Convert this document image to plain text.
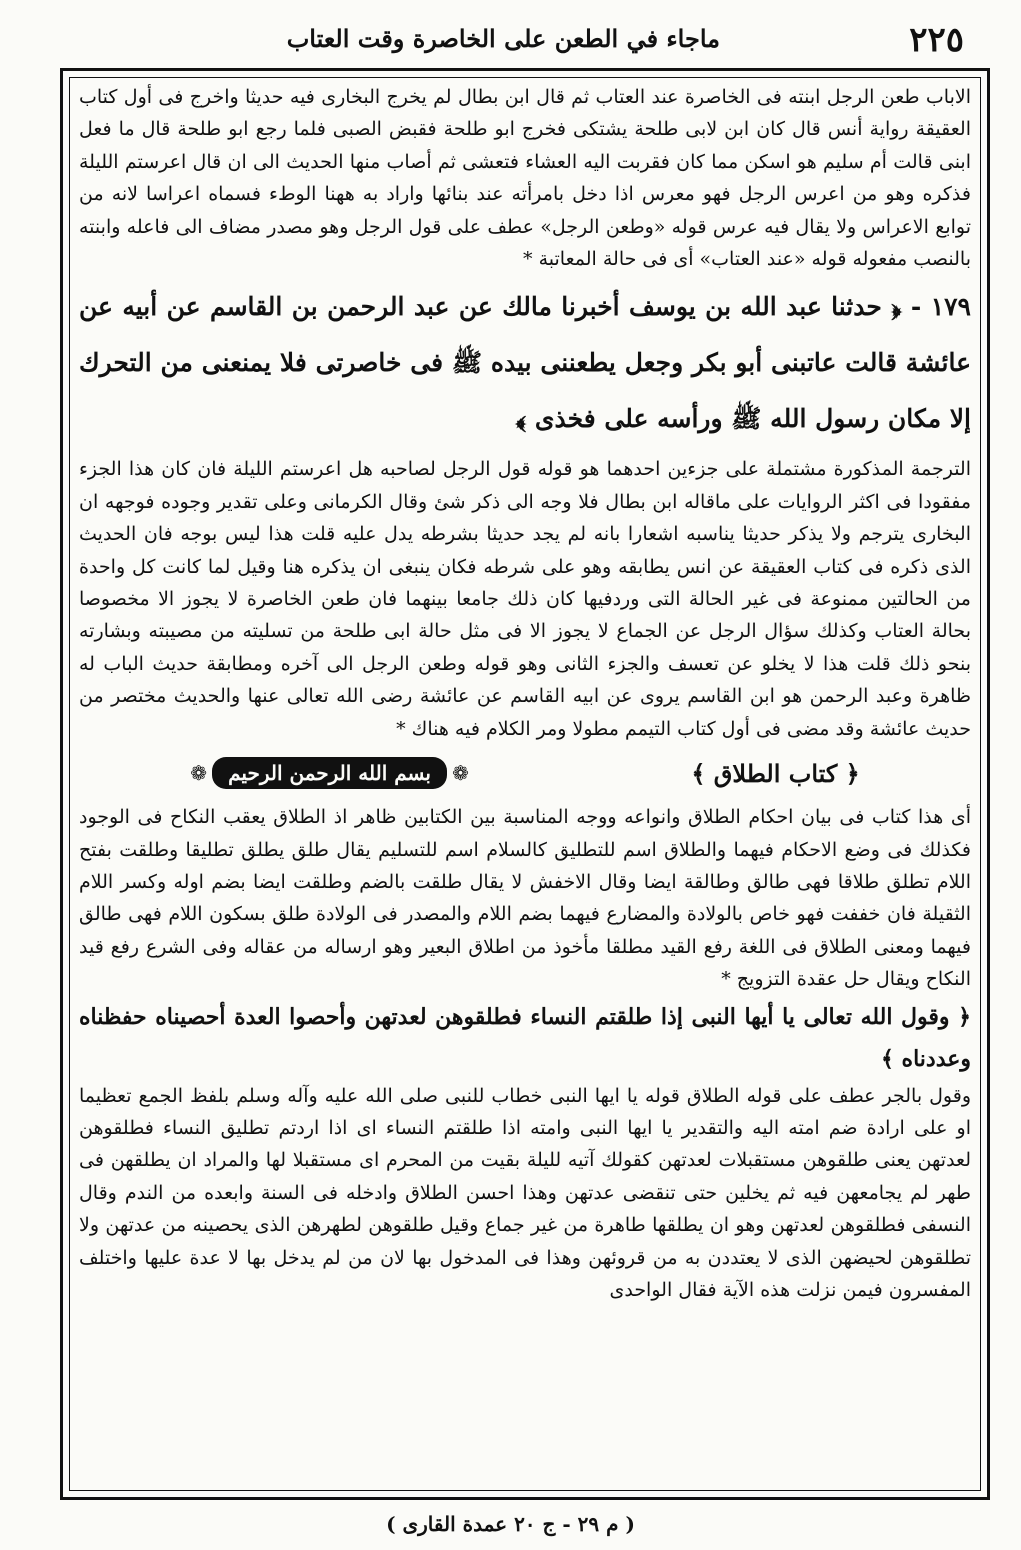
٢٢٥
ماجاء في الطعن على الخاصرة وقت العتاب

الاباب طعن الرجل ابنته فى الخاصرة عند العتاب ثم قال ابن بطال لم يخرج البخارى فيه حديثا واخرج فى أول كتاب العقيقة رواية أنس قال كان ابن لابى طلحة يشتكى فخرج ابو طلحة فقبض الصبى فلما رجع ابو طلحة قال ما فعل ابنى قالت أم سليم هو اسكن مما كان فقربت اليه العشاء فتعشى ثم أصاب منها الحديث الى ان قال اعرستم الليلة فذكره وهو من اعرس الرجل فهو معرس اذا دخل بامرأته عند بنائها واراد به ههنا الوطء فسماه اعراسا لانه من توابع الاعراس ولا يقال فيه عرس قوله «وطعن الرجل» عطف على قول الرجل وهو مصدر مضاف الى فاعله وابنته بالنصب مفعوله قوله «عند العتاب» أى فى حالة المعاتبة *

١٧٩ - ﴿ حدثنا عبد الله بن يوسف أخبرنا مالك عن عبد الرحمن بن القاسم عن أبيه عن عائشة قالت عاتبنى أبو بكر وجعل يطعننى بيده ﷺ فى خاصرتى فلا يمنعنى من التحرك إلا مكان رسول الله ﷺ ورأسه على فخذى ﴾

الترجمة المذكورة مشتملة على جزءين احدهما هو قوله قول الرجل لصاحبه هل اعرستم الليلة فان كان هذا الجزء مفقودا فى اكثر الروايات على ماقاله ابن بطال فلا وجه الى ذكر شئ وقال الكرمانى وعلى تقدير وجوده فوجهه ان البخارى يترجم ولا يذكر حديثا يناسبه اشعارا بانه لم يجد حديثا بشرطه يدل عليه قلت هذا ليس بوجه فان الحديث الذى ذكره فى كتاب العقيقة عن انس يطابقه وهو على شرطه فكان ينبغى ان يذكره هنا وقيل لما كانت كل واحدة من الحالتين ممنوعة فى غير الحالة التى وردفيها كان ذلك جامعا بينهما فان طعن الخاصرة لا يجوز الا مخصوصا بحالة العتاب وكذلك سؤال الرجل عن الجماع لا يجوز الا فى مثل حالة ابى طلحة من تسليته من مصيبته وبشارته بنحو ذلك قلت هذا لا يخلو عن تعسف والجزء الثانى وهو قوله وطعن الرجل الى آخره ومطابقة حديث الباب له ظاهرة وعبد الرحمن هو ابن القاسم يروى عن ابيه القاسم عن عائشة رضى الله تعالى عنها والحديث مختصر من حديث عائشة وقد مضى فى أول كتاب التيمم مطولا ومر الكلام فيه هناك *

﴿ كتاب الطلاق ﴾
❁ بسم الله الرحمن الرحيم ❁

أى هذا كتاب فى بيان احكام الطلاق وانواعه ووجه المناسبة بين الكتابين ظاهر اذ الطلاق يعقب النكاح فى الوجود فكذلك فى وضع الاحكام فيهما والطلاق اسم للتطليق كالسلام اسم للتسليم يقال طلق يطلق تطليقا وطلقت بفتح اللام تطلق طلاقا فهى طالق وطالقة ايضا وقال الاخفش لا يقال طلقت بالضم وطلقت ايضا بضم اوله وكسر اللام الثقيلة فان خففت فهو خاص بالولادة والمضارع فيهما بضم اللام والمصدر فى الولادة طلق بسكون اللام فهى طالق فيهما ومعنى الطلاق فى اللغة رفع القيد مطلقا مأخوذ من اطلاق البعير وهو ارساله من عقاله وفى الشرع رفع قيد النكاح ويقال حل عقدة التزويج *

﴿ وقول الله تعالى يا أيها النبى إذا طلقتم النساء فطلقوهن لعدتهن وأحصوا العدة أحصيناه حفظناه وعددناه ﴾

وقول بالجر عطف على قوله الطلاق قوله يا ايها النبى خطاب للنبى صلى الله عليه وآله وسلم بلفظ الجمع تعظيما او على ارادة ضم امته اليه والتقدير يا ايها النبى وامته اذا طلقتم النساء اى اذا اردتم تطليق النساء فطلقوهن لعدتهن يعنى طلقوهن مستقبلات لعدتهن كقولك آتيه لليلة بقيت من المحرم اى مستقبلا لها والمراد ان يطلقهن فى طهر لم يجامعهن فيه ثم يخلين حتى تنقضى عدتهن وهذا احسن الطلاق وادخله فى السنة وابعده من الندم وقال النسفى فطلقوهن لعدتهن وهو ان يطلقها طاهرة من غير جماع وقيل طلقوهن لطهرهن الذى يحصينه من عدتهن ولا تطلقوهن لحيضهن الذى لا يعتددن به من قروئهن وهذا فى المدخول بها لان من لم يدخل بها لا عدة عليها واختلف المفسرون فيمن نزلت هذه الآية فقال الواحدى

( م ٢٩ - ج ٢٠ عمدة القارى )
